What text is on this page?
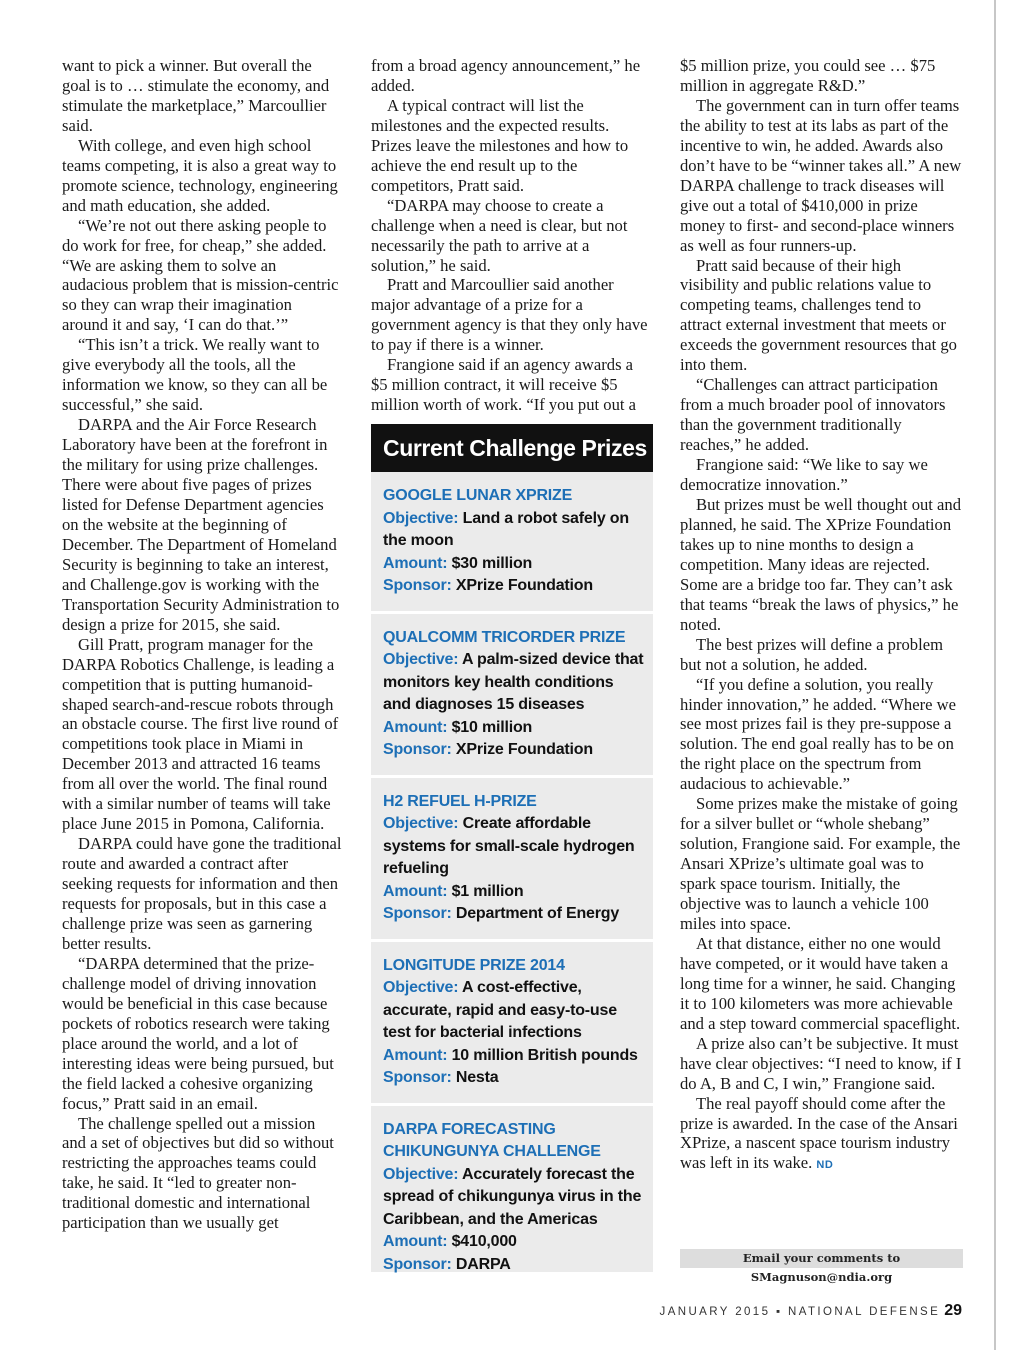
want to pick a winner. But overall the goal is to … stimulate the economy, and stimulate the marketplace,” Marcoullier said.

With college, and even high school teams competing, it is also a great way to promote science, technology, engineering and math education, she added.

“We’re not out there asking people to do work for free, for cheap,” she added. “We are asking them to solve an audacious problem that is mission-centric so they can wrap their imagination around it and say, ‘I can do that.’”

“This isn’t a trick. We really want to give everybody all the tools, all the information we know, so they can all be successful,” she said.

DARPA and the Air Force Research Laboratory have been at the forefront in the military for using prize challenges. There were about five pages of prizes listed for Defense Department agencies on the website at the beginning of December. The Department of Homeland Security is beginning to take an interest, and Challenge.gov is working with the Transportation Security Administration to design a prize for 2015, she said.

Gill Pratt, program manager for the DARPA Robotics Challenge, is leading a competition that is putting humanoid-shaped search-and-rescue robots through an obstacle course. The first live round of competitions took place in Miami in December 2013 and attracted 16 teams from all over the world. The final round with a similar number of teams will take place June 2015 in Pomona, California.

DARPA could have gone the traditional route and awarded a contract after seeking requests for information and then requests for proposals, but in this case a challenge prize was seen as garnering better results.

“DARPA determined that the prize-challenge model of driving innovation would be beneficial in this case because pockets of robotics research were taking place around the world, and a lot of interesting ideas were being pursued, but the field lacked a cohesive organizing focus,” Pratt said in an email.

The challenge spelled out a mission and a set of objectives but did so without restricting the approaches teams could take, he said. It “led to greater non-traditional domestic and international participation than we usually get

from a broad agency announcement,” he added.

A typical contract will list the milestones and the expected results. Prizes leave the milestones and how to achieve the end result up to the competitors, Pratt said.

“DARPA may choose to create a challenge when a need is clear, but not necessarily the path to arrive at a solution,” he said.

Pratt and Marcoullier said another major advantage of a prize for a government agency is that they only have to pay if there is a winner.

Frangione said if an agency awards a $5 million contract, it will receive $5 million worth of work. “If you put out a

$5 million prize, you could see … $75 million in aggregate R&D.”

The government can in turn offer teams the ability to test at its labs as part of the incentive to win, he added. Awards also don’t have to be “winner takes all.” A new DARPA challenge to track diseases will give out a total of $410,000 in prize money to first- and second-place winners as well as four runners-up.

Pratt said because of their high visibility and public relations value to competing teams, challenges tend to attract external investment that meets or exceeds the government resources that go into them.

“Challenges can attract participation from a much broader pool of innovators than the government traditionally reaches,” he added.

Frangione said: “We like to say we democratize innovation.”

But prizes must be well thought out and planned, he said. The XPrize Foundation takes up to nine months to design a competition. Many ideas are rejected. Some are a bridge too far. They can’t ask that teams “break the laws of physics,” he noted.

The best prizes will define a problem but not a solution, he added.

“If you define a solution, you really hinder innovation,” he added. “Where we see most prizes fail is they pre-suppose a solution. The end goal really has to be on the right place on the spectrum from audacious to achievable.”

Some prizes make the mistake of going for a silver bullet or “whole shebang” solution, Frangione said. For example, the Ansari XPrize’s ultimate goal was to spark space tourism. Initially, the objective was to launch a vehicle 100 miles into space.

At that distance, either no one would have competed, or it would have taken a long time for a winner, he said. Changing it to 100 kilometers was more achievable and a step toward commercial spaceflight.

A prize also can’t be subjective. It must have clear objectives: “I need to know, if I do A, B and C, I win,” Frangione said.

The real payoff should come after the prize is awarded. In the case of the Ansari XPrize, a nascent space tourism industry was left in its wake. ND

Current Challenge Prizes
GOOGLE LUNAR XPRIZE
Objective: Land a robot safely on the moon
Amount: $30 million
Sponsor: XPrize Foundation
QUALCOMM TRICORDER PRIZE
Objective: A palm-sized device that monitors key health conditions and diagnoses 15 diseases
Amount: $10 million
Sponsor: XPrize Foundation
H2 REFUEL H-PRIZE
Objective: Create affordable systems for small-scale hydrogen refueling
Amount: $1 million
Sponsor: Department of Energy
LONGITUDE PRIZE 2014
Objective: A cost-effective, accurate, rapid and easy-to-use test for bacterial infections
Amount: 10 million British pounds
Sponsor: Nesta
DARPA FORECASTING CHIKUNGUNYA CHALLENGE
Objective: Accurately forecast the spread of chikungunya virus in the Caribbean, and the Americas
Amount: $410,000
Sponsor: DARPA	Email your comments to SMagnuson@ndia.org
JANUARY 2015 ▪ NATIONAL DEFENSE 29
